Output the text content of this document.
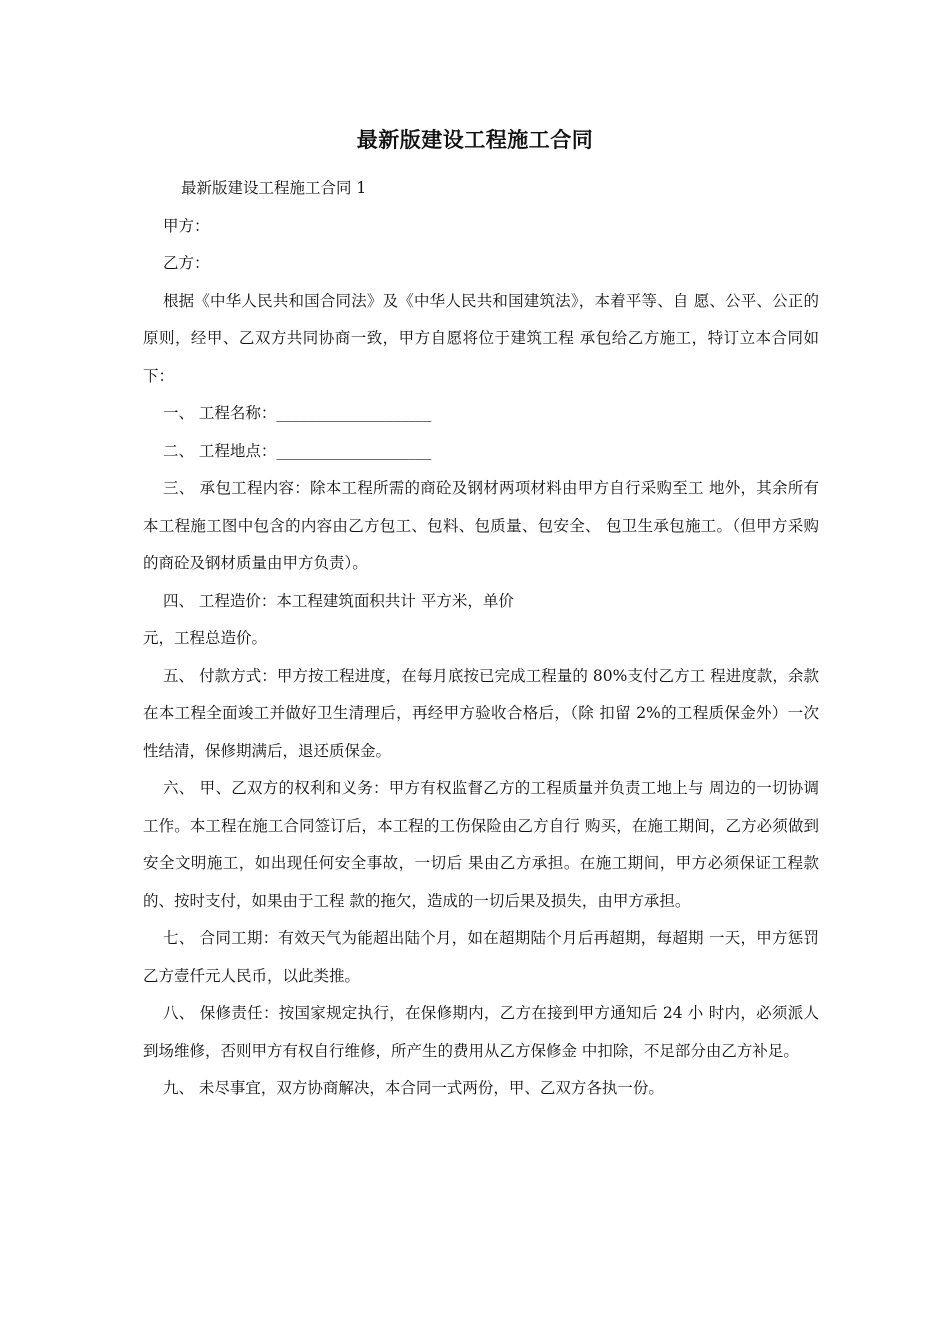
最新版建设工程施工合同

最新版建设工程施工合同 1

甲方：

乙方：

根据《中华人民共和国合同法》及《中华人民共和国建筑法》，本着平等、自 愿、公平、公正的原则，经甲、乙双方共同协商一致，甲方自愿将位于建筑工程 承包给乙方施工，特订立本合同如下：

一、 工程名称：____________________

二、 工程地点：____________________

三、 承包工程内容：除本工程所需的商砼及钢材两项材料由甲方自行采购至工 地外，其余所有本工程施工图中包含的内容由乙方包工、包料、包质量、包安全、 包卫生承包施工。（但甲方采购的商砼及钢材质量由甲方负责）。

四、 工程造价：本工程建筑面积共计 平方米，单价

元，工程总造价。

五、 付款方式：甲方按工程进度，在每月底按已完成工程量的 80%支付乙方工 程进度款，余款在本工程全面竣工并做好卫生清理后，再经甲方验收合格后，（除 扣留 2%的工程质保金外）一次性结清，保修期满后，退还质保金。

六、 甲、乙双方的权利和义务：甲方有权监督乙方的工程质量并负责工地上与 周边的一切协调工作。本工程在施工合同签订后，本工程的工伤保险由乙方自行 购买，在施工期间，乙方必须做到安全文明施工，如出现任何安全事故，一切后 果由乙方承担。在施工期间，甲方必须保证工程款的、按时支付，如果由于工程 款的拖欠，造成的一切后果及损失，由甲方承担。

七、 合同工期：有效天气为能超出陆个月，如在超期陆个月后再超期，每超期 一天，甲方惩罚乙方壹仟元人民币，以此类推。

八、 保修责任：按国家规定执行，在保修期内，乙方在接到甲方通知后 24 小 时内，必须派人到场维修，否则甲方有权自行维修，所产生的费用从乙方保修金 中扣除，不足部分由乙方补足。

九、 未尽事宜，双方协商解决，本合同一式两份，甲、乙双方各执一份。
